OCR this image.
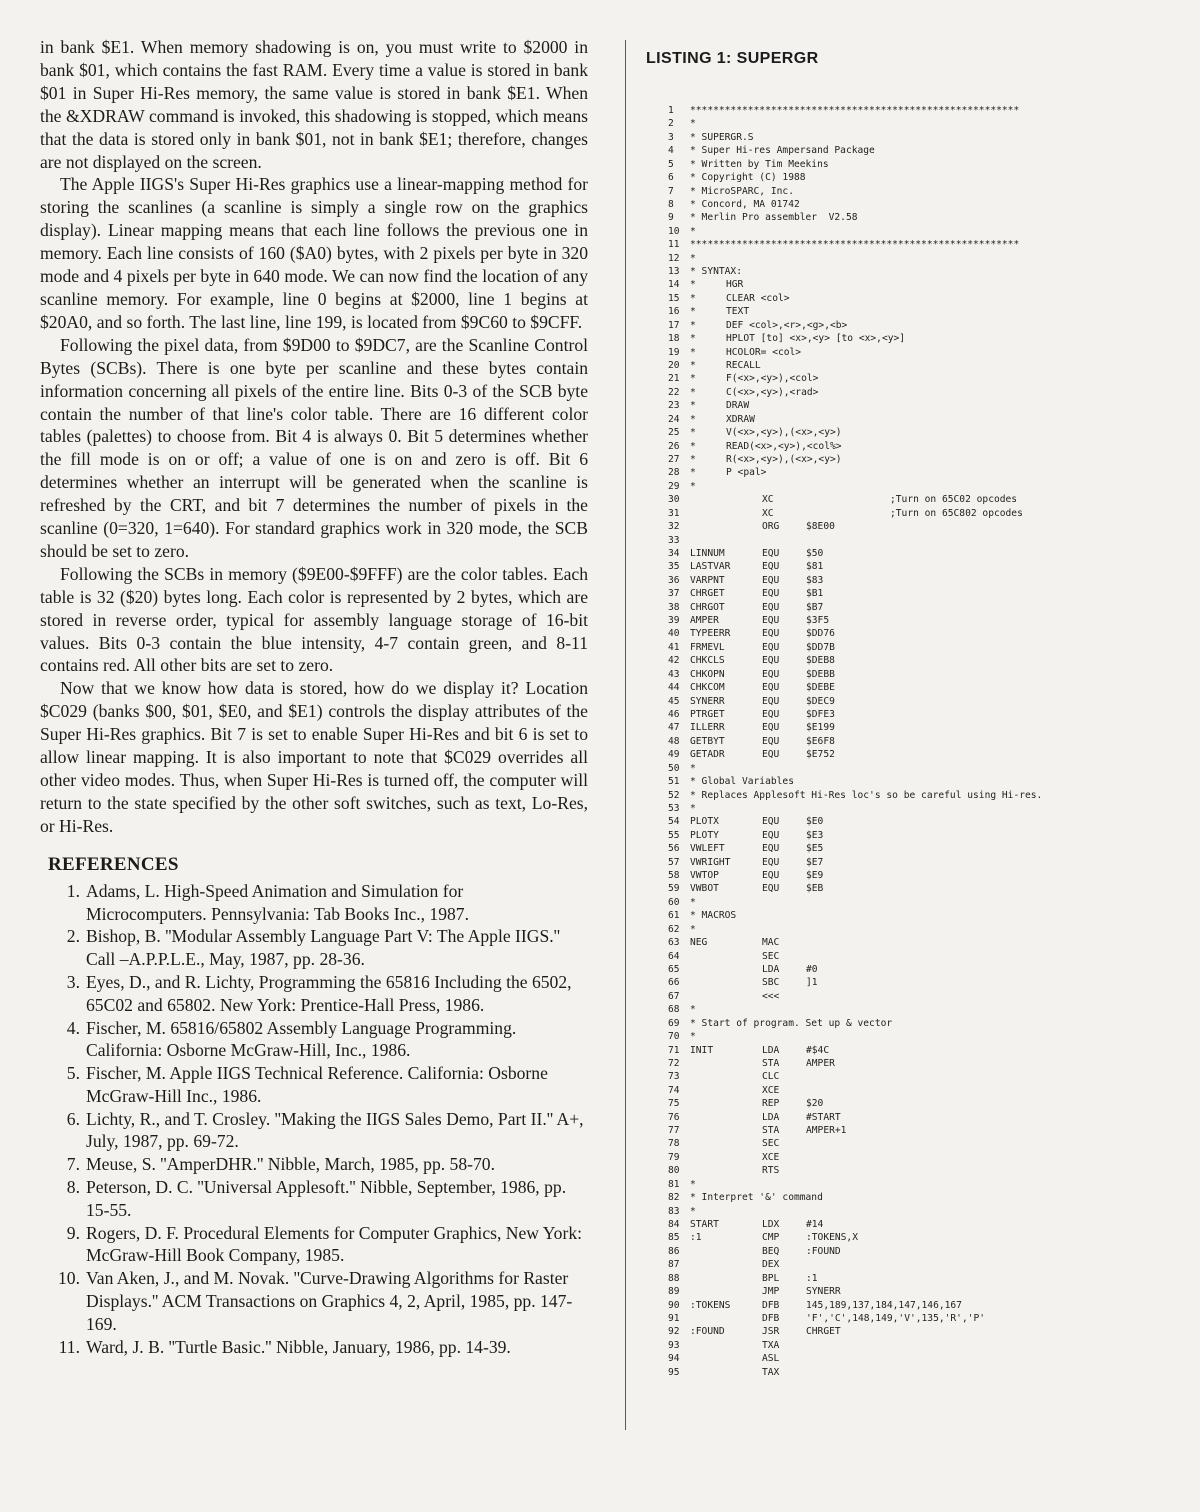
in bank $E1. When memory shadowing is on, you must write to $2000 in bank $01, which contains the fast RAM. Every time a value is stored in bank $01 in Super Hi-Res memory, the same value is stored in bank $E1. When the &XDRAW command is invoked, this shadowing is stopped, which means that the data is stored only in bank $01, not in bank $E1; therefore, changes are not displayed on the screen.

The Apple IIGS's Super Hi-Res graphics use a linear-mapping method for storing the scanlines (a scanline is simply a single row on the graphics display). Linear mapping means that each line follows the previous one in memory. Each line consists of 160 ($A0) bytes, with 2 pixels per byte in 320 mode and 4 pixels per byte in 640 mode. We can now find the location of any scanline memory. For example, line 0 begins at $2000, line 1 begins at $20A0, and so forth. The last line, line 199, is located from $9C60 to $9CFF.

Following the pixel data, from $9D00 to $9DC7, are the Scanline Control Bytes (SCBs). There is one byte per scanline and these bytes contain information concerning all pixels of the entire line. Bits 0-3 of the SCB byte contain the number of that line's color table. There are 16 different color tables (palettes) to choose from. Bit 4 is always 0. Bit 5 determines whether the fill mode is on or off; a value of one is on and zero is off. Bit 6 determines whether an interrupt will be generated when the scanline is refreshed by the CRT, and bit 7 determines the number of pixels in the scanline (0=320, 1=640). For standard graphics work in 320 mode, the SCB should be set to zero.

Following the SCBs in memory ($9E00-$9FFF) are the color tables. Each table is 32 ($20) bytes long. Each color is represented by 2 bytes, which are stored in reverse order, typical for assembly language storage of 16-bit values. Bits 0-3 contain the blue intensity, 4-7 contain green, and 8-11 contains red. All other bits are set to zero.

Now that we know how data is stored, how do we display it? Location $C029 (banks $00, $01, $E0, and $E1) controls the display attributes of the Super Hi-Res graphics. Bit 7 is set to enable Super Hi-Res and bit 6 is set to allow linear mapping. It is also important to note that $C029 overrides all other video modes. Thus, when Super Hi-Res is turned off, the computer will return to the state specified by the other soft switches, such as text, Lo-Res, or Hi-Res.

REFERENCES
1. Adams, L. High-Speed Animation and Simulation for Microcomputers. Pennsylvania: Tab Books Inc., 1987.
2. Bishop, B. ''Modular Assembly Language Part V: The Apple IIGS.'' Call –A.P.P.L.E., May, 1987, pp. 28-36.
3. Eyes, D., and R. Lichty, Programming the 65816 Including the 6502, 65C02 and 65802. New York: Prentice-Hall Press, 1986.
4. Fischer, M. 65816/65802 Assembly Language Programming. California: Osborne McGraw-Hill, Inc., 1986.
5. Fischer, M. Apple IIGS Technical Reference. California: Osborne McGraw-Hill Inc., 1986.
6. Lichty, R., and T. Crosley. ''Making the IIGS Sales Demo, Part II.'' A+, July, 1987, pp. 69-72.
7. Meuse, S. ''AmperDHR.'' Nibble, March, 1985, pp. 58-70.
8. Peterson, D. C. ''Universal Applesoft.'' Nibble, September, 1986, pp. 15-55.
9. Rogers, D. F. Procedural Elements for Computer Graphics, New York: McGraw-Hill Book Company, 1985.
10. Van Aken, J., and M. Novak. ''Curve-Drawing Algorithms for Raster Displays.'' ACM Transactions on Graphics 4, 2, April, 1985, pp. 147-169.
11. Ward, J. B. ''Turtle Basic.'' Nibble, January, 1986, pp. 14-39.
LISTING 1: SUPERGR
1 *********************************************************
2 *
3 * SUPERGR.S
4 * Super Hi-res Ampersand Package
5 * Written by Tim Meekins
6 * Copyright (C) 1988
7 * MicroSPARC, Inc.
8 * Concord, MA 01742
9 * Merlin Pro assembler  V2.58
10 *
11 *********************************************************
12 *
13 * SYNTAX:
14 *	HGR
15 *	CLEAR <col>
16 *	TEXT
17 *	DEF <col>,<r>,<g>,<b>
18 *	HPLOT [to] <x>,<y> [to <x>,<y>]
19 *	HCOLOR= <col>
20 *	RECALL
21 *	F(<x>,<y>),<col>
22 *	C(<x>,<y>),<rad>
23 *	DRAW
24 *	XDRAW
25 *	V(<x>,<y>),(<x>,<y>)
26 *	READ(<x>,<y>),<col%>
27 *	R(<x>,<y>),(<x>,<y>)
28 *	P <pal>
29 *
30	XC	;Turn on 65C02 opcodes
31	XC	;Turn on 65C802 opcodes
32	ORG	$8E00
33
34 LINNUM	EQU	$50
35 LASTVAR	EQU	$81
36 VARPNT	EQU	$83
37 CHRGET	EQU	$B1
38 CHRGOT	EQU	$B7
39 AMPER	EQU	$3F5
40 TYPEERR	EQU	$DD76
41 FRMEVL	EQU	$DD7B
42 CHKCLS	EQU	$DEB8
43 CHKOPN	EQU	$DEBB
44 CHKCOM	EQU	$DEBE
45 SYNERR	EQU	$DEC9
46 PTRGET	EQU	$DFE3
47 ILLERR	EQU	$E199
48 GETBYT	EQU	$E6F8
49 GETADR	EQU	$E752
50 *
51 * Global Variables
52 * Replaces Applesoft Hi-Res loc's so be careful using Hi-res.
53 *
54 PLOTX	EQU	$E0
55 PLOTY	EQU	$E3
56 VWLEFT	EQU	$E5
57 VWRIGHT	EQU	$E7
58 VWTOP	EQU	$E9
59 VWBOT	EQU	$EB
60 *
61 * MACROS
62 *
63 NEG	MAC
64	SEC
65	LDA	#0
66	SBC	]1
67	<<<
68 *
69 * Start of program. Set up & vector
70 *
71 INIT	LDA	#$4C
72	STA	AMPER
73	CLC
74	XCE
75	REP	$20
76	LDA	#START
77	STA	AMPER+1
78	SEC
79	XCE
80	RTS
81 *
82 * Interpret '&' command
83 *
84 START	LDX	#14
85 :1	CMP	:TOKENS,X
86	BEQ	:FOUND
87	DEX
88	BPL	:1
89	JMP	SYNERR
90 :TOKENS	DFB	145,189,137,184,147,146,167
91	DFB	'F','C',148,149,'V',135,'R','P'
92 :FOUND	JSR	CHRGET
93	TXA
94	ASL
95	TAX
